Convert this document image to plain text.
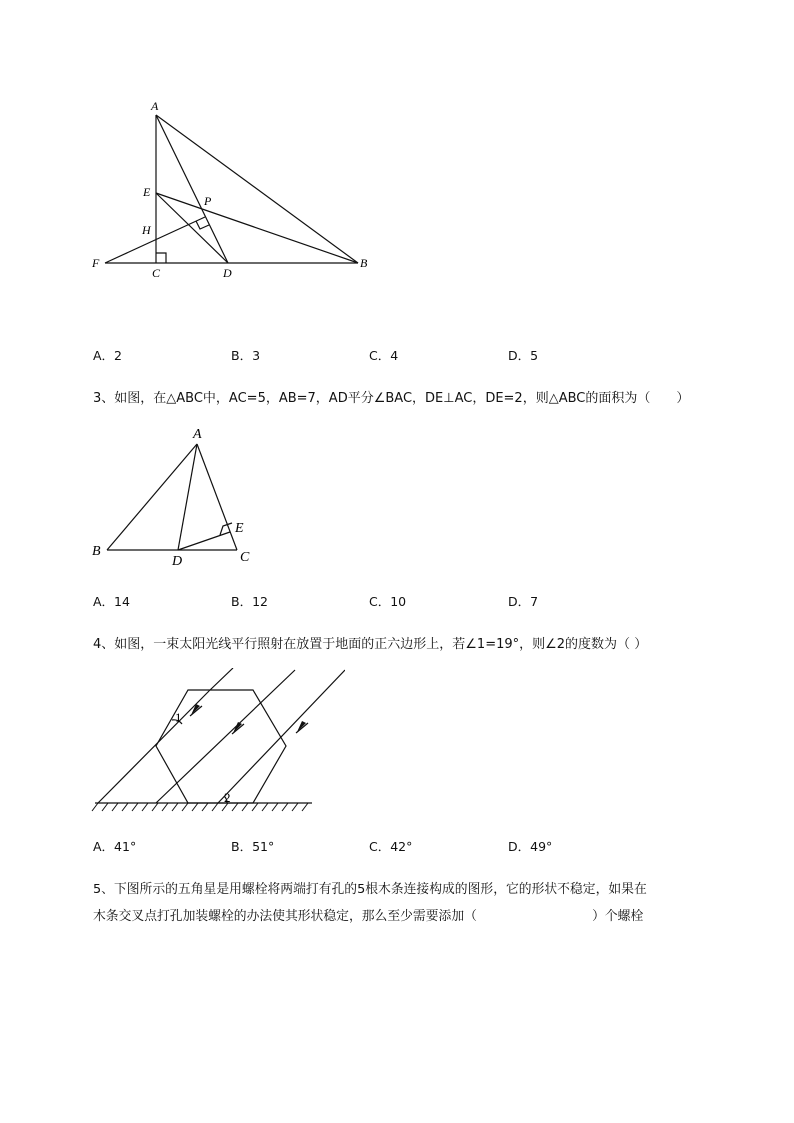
A
E
P
H
F
C	D
B
A．2	B．3	C．4	D．5
3、如图，在△ABC中，AC=5，AB=7，AD平分∠BAC，DE⊥AC，DE=2，则△ABC的面积为（　　）
A
B	C
D
E
A．14	B．12	C．10	D．7
4、如图，一束太阳光线平行照射在放置于地面的正六边形上，若∠1=19°，则∠2的度数为（ ）
1
2
A．41°	B．51°	C．42°	D．49°
5、下图所示的五角星是用螺栓将两端打有孔的5根木条连接构成的图形，它的形状不稳定，如果在
木条交叉点打孔加装螺栓的办法使其形状稳定，那么至少需要添加（　　　　　　　　　）个螺栓
